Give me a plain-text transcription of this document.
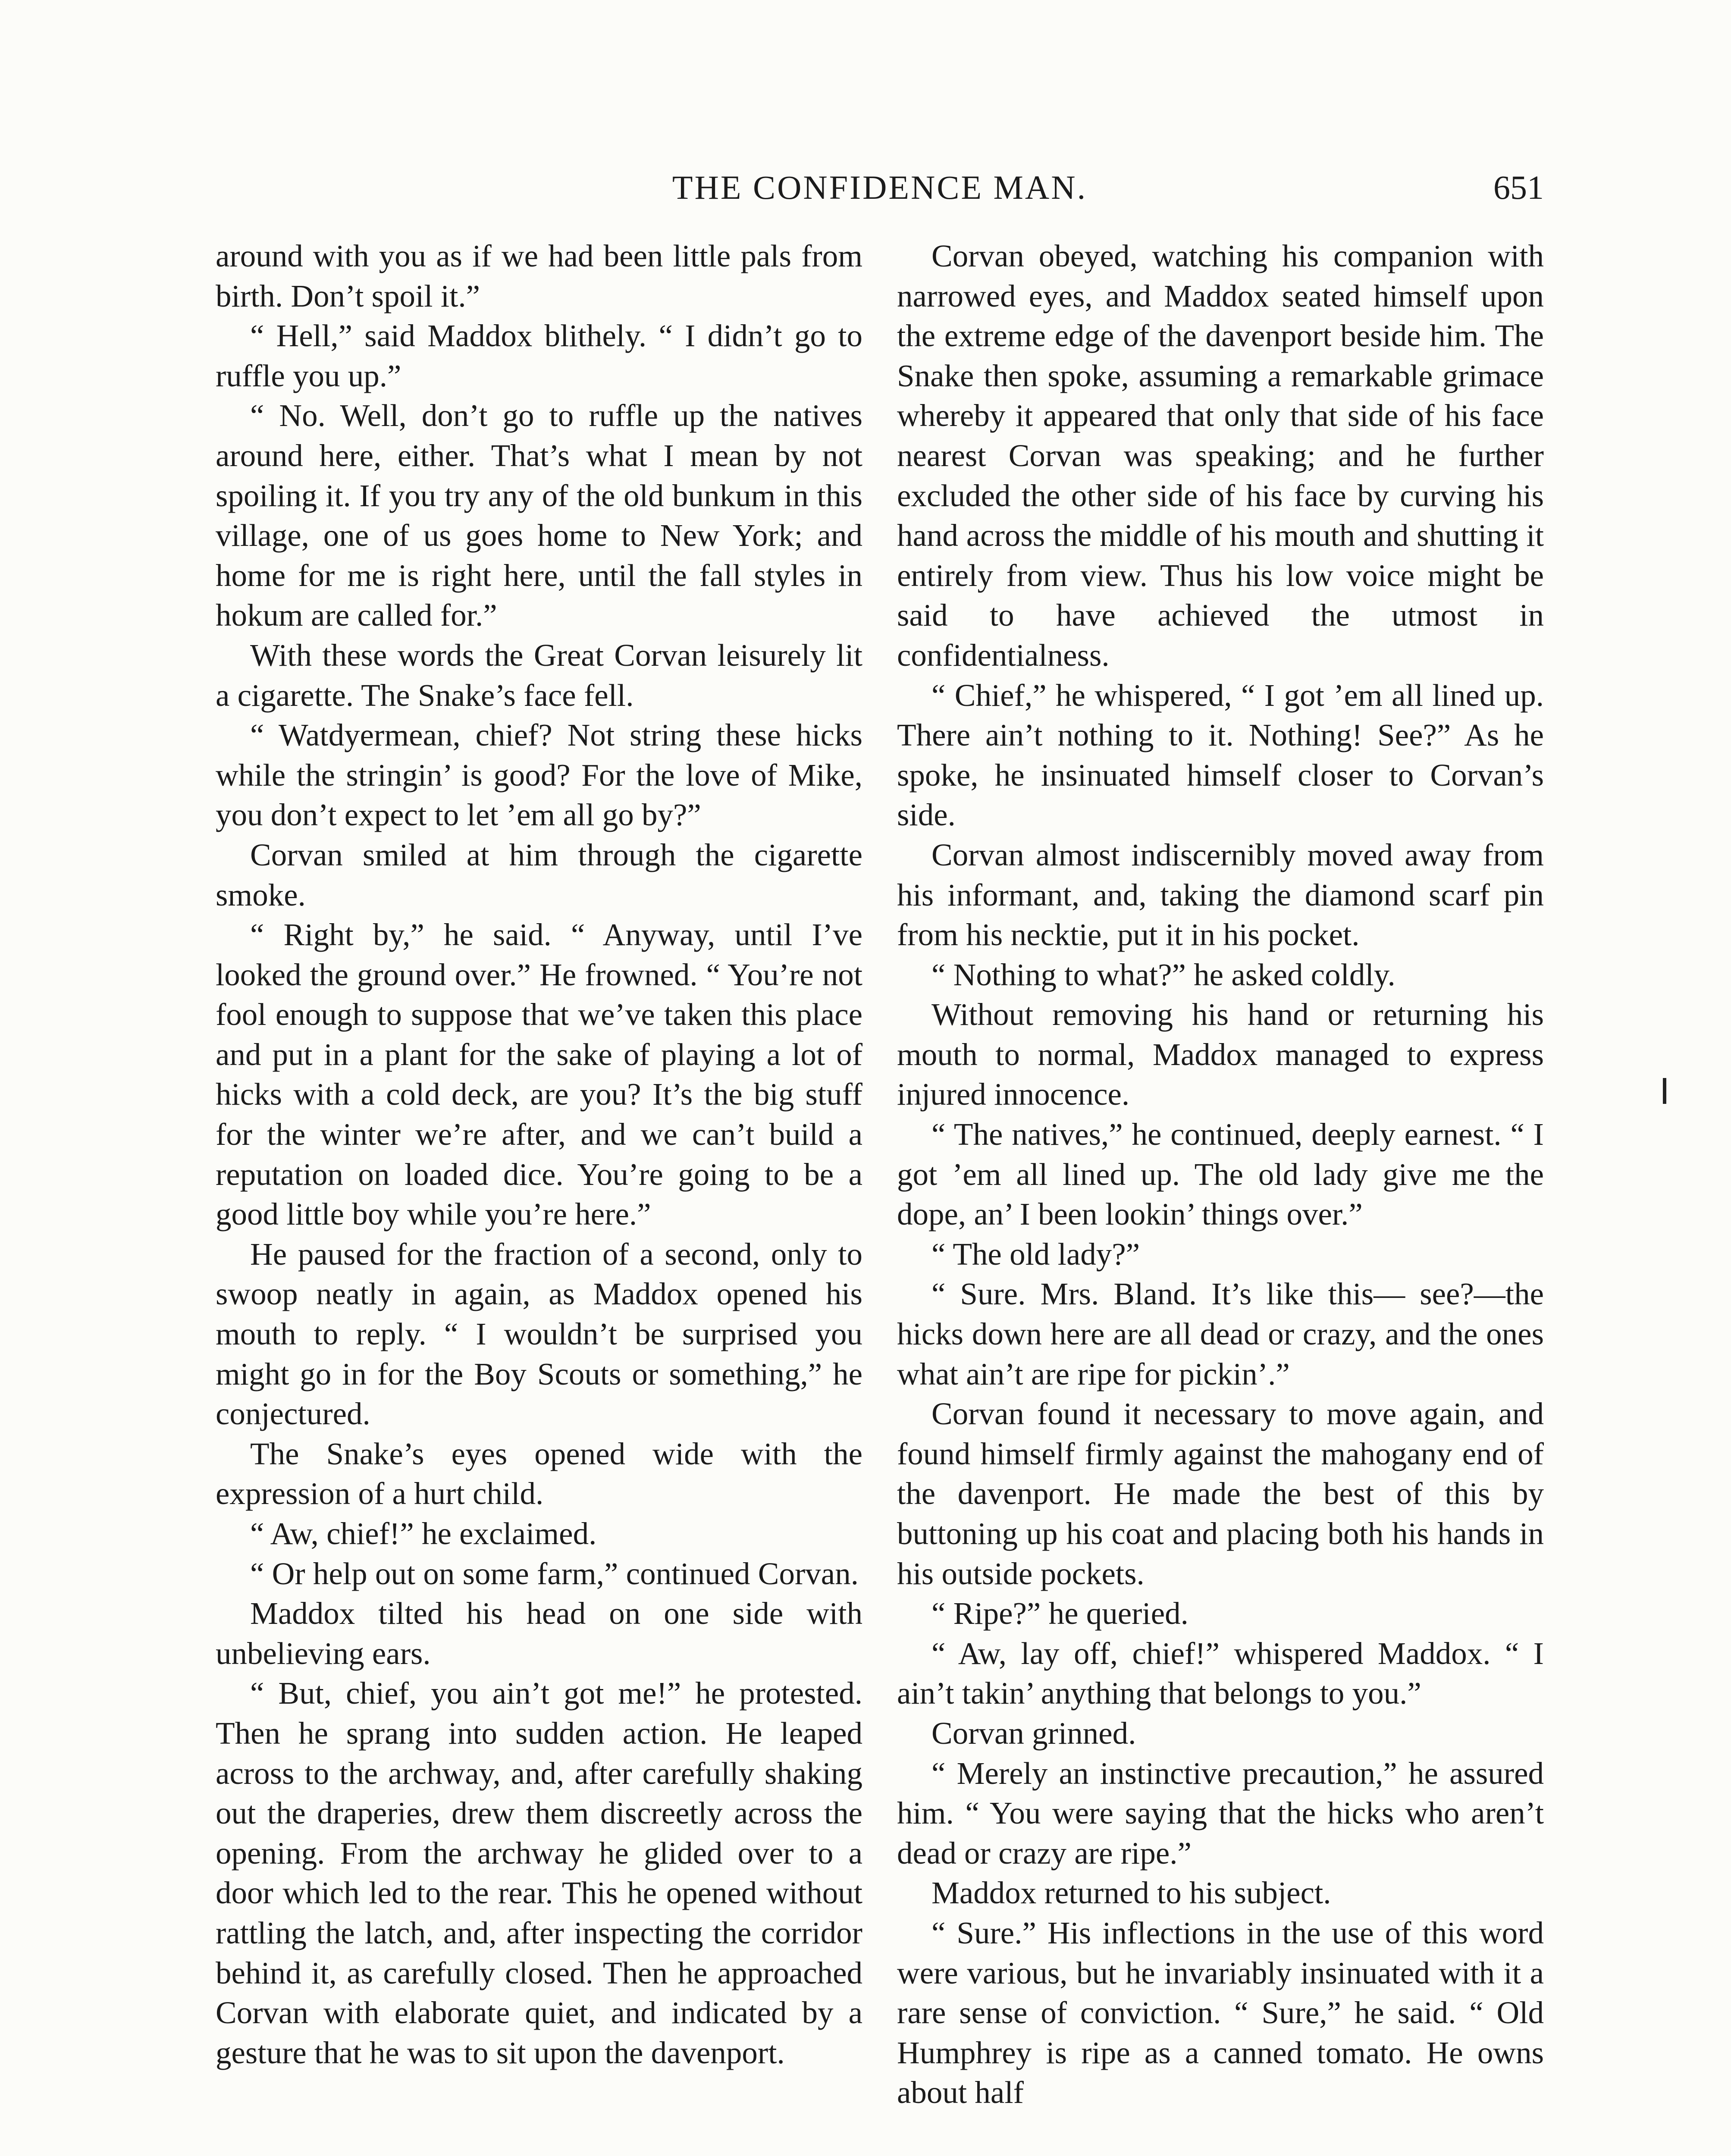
THE CONFIDENCE MAN.	651

around with you as if we had been little pals from birth. Don’t spoil it.”

“ Hell,” said Maddox blithely. “ I didn’t go to ruffle you up.”

“ No. Well, don’t go to ruffle up the natives around here, either. That’s what I mean by not spoiling it. If you try any of the old bunkum in this village, one of us goes home to New York; and home for me is right here, until the fall styles in hokum are called for.”

With these words the Great Corvan leisurely lit a cigarette. The Snake’s face fell.

“ Watdyermean, chief? Not string these hicks while the stringin’ is good? For the love of Mike, you don’t expect to let ’em all go by?”

Corvan smiled at him through the cigarette smoke.

“ Right by,” he said. “ Anyway, until I’ve looked the ground over.” He frowned. “ You’re not fool enough to suppose that we’ve taken this place and put in a plant for the sake of playing a lot of hicks with a cold deck, are you? It’s the big stuff for the winter we’re after, and we can’t build a reputation on loaded dice. You’re going to be a good little boy while you’re here.”

He paused for the fraction of a second, only to swoop neatly in again, as Maddox opened his mouth to reply. “ I wouldn’t be surprised you might go in for the Boy Scouts or something,” he conjectured.

The Snake’s eyes opened wide with the expression of a hurt child.

“ Aw, chief!” he exclaimed.

“ Or help out on some farm,” continued Corvan.

Maddox tilted his head on one side with unbelieving ears.

“ But, chief, you ain’t got me!” he protested. Then he sprang into sudden action. He leaped across to the archway, and, after carefully shaking out the draperies, drew them discreetly across the opening. From the archway he glided over to a door which led to the rear. This he opened without rattling the latch, and, after inspecting the corridor behind it, as carefully closed. Then he approached Corvan with elaborate quiet, and indicated by a gesture that he was to sit upon the davenport.

Corvan obeyed, watching his companion with narrowed eyes, and Maddox seated himself upon the extreme edge of the davenport beside him. The Snake then spoke, assuming a remarkable grimace whereby it appeared that only that side of his face nearest Corvan was speaking; and he further excluded the other side of his face by curving his hand across the middle of his mouth and shutting it entirely from view. Thus his low voice might be said to have achieved the utmost in confidentialness.

“ Chief,” he whispered, “ I got ’em all lined up. There ain’t nothing to it. Nothing! See?” As he spoke, he insinuated himself closer to Corvan’s side.

Corvan almost indiscernibly moved away from his informant, and, taking the diamond scarf pin from his necktie, put it in his pocket.

“ Nothing to what?” he asked coldly.

Without removing his hand or returning his mouth to normal, Maddox managed to express injured innocence.

“ The natives,” he continued, deeply earnest. “ I got ’em all lined up. The old lady give me the dope, an’ I been lookin’ things over.”

“ The old lady?”

“ Sure. Mrs. Bland. It’s like this— see?—the hicks down here are all dead or crazy, and the ones what ain’t are ripe for pickin’.”

Corvan found it necessary to move again, and found himself firmly against the mahogany end of the davenport. He made the best of this by buttoning up his coat and placing both his hands in his outside pockets.

“ Ripe?” he queried.

“ Aw, lay off, chief!” whispered Maddox. “ I ain’t takin’ anything that belongs to you.”

Corvan grinned.

“ Merely an instinctive precaution,” he assured him. “ You were saying that the hicks who aren’t dead or crazy are ripe.”

Maddox returned to his subject.

“ Sure.” His inflections in the use of this word were various, but he invariably insinuated with it a rare sense of conviction. “ Sure,” he said. “ Old Humphrey is ripe as a canned tomato. He owns about half
